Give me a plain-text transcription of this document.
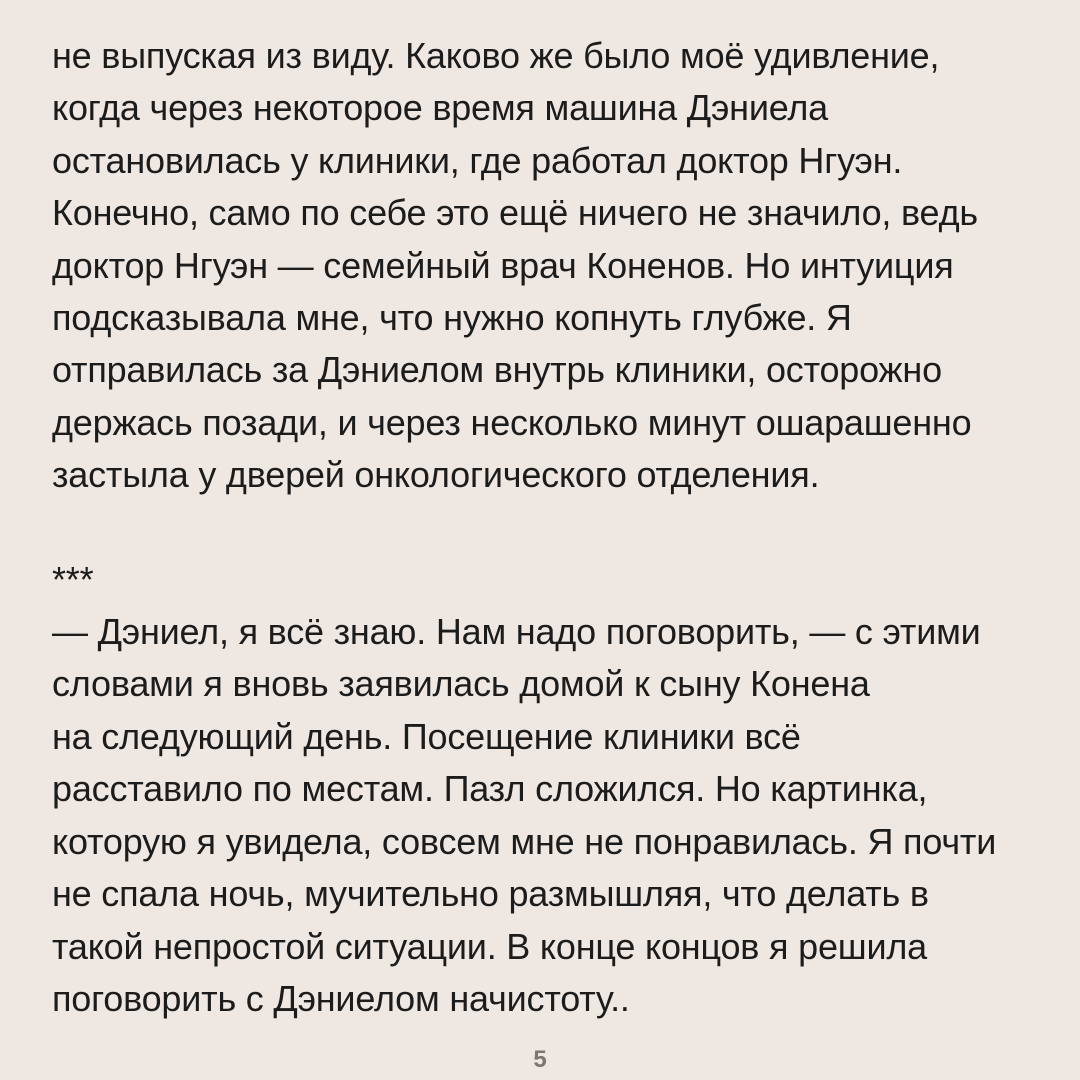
не выпуская из виду. Каково же было моё удивление,
когда через некоторое время машина Дэниела
остановилась у клиники, где работал доктор Нгуэн.
Конечно, само по себе это ещё ничего не значило, ведь
доктор Нгуэн — семейный врач Коненов. Но интуиция
подсказывала мне, что нужно копнуть глубже. Я
отправилась за Дэниелом внутрь клиники, осторожно
держась позади, и через несколько минут ошарашенно
застыла у дверей онкологического отделения.
***
— Дэниел, я всё знаю. Нам надо поговорить, — с этими
словами я вновь заявилась домой к сыну Конена
на следующий день. Посещение клиники всё
расставило по местам. Пазл сложился. Но картинка,
которую я увидела, совсем мне не понравилась. Я почти
не спала ночь, мучительно размышляя, что делать в
такой непростой ситуации. В конце концов я решила
поговорить с Дэниелом начистоту..
5
